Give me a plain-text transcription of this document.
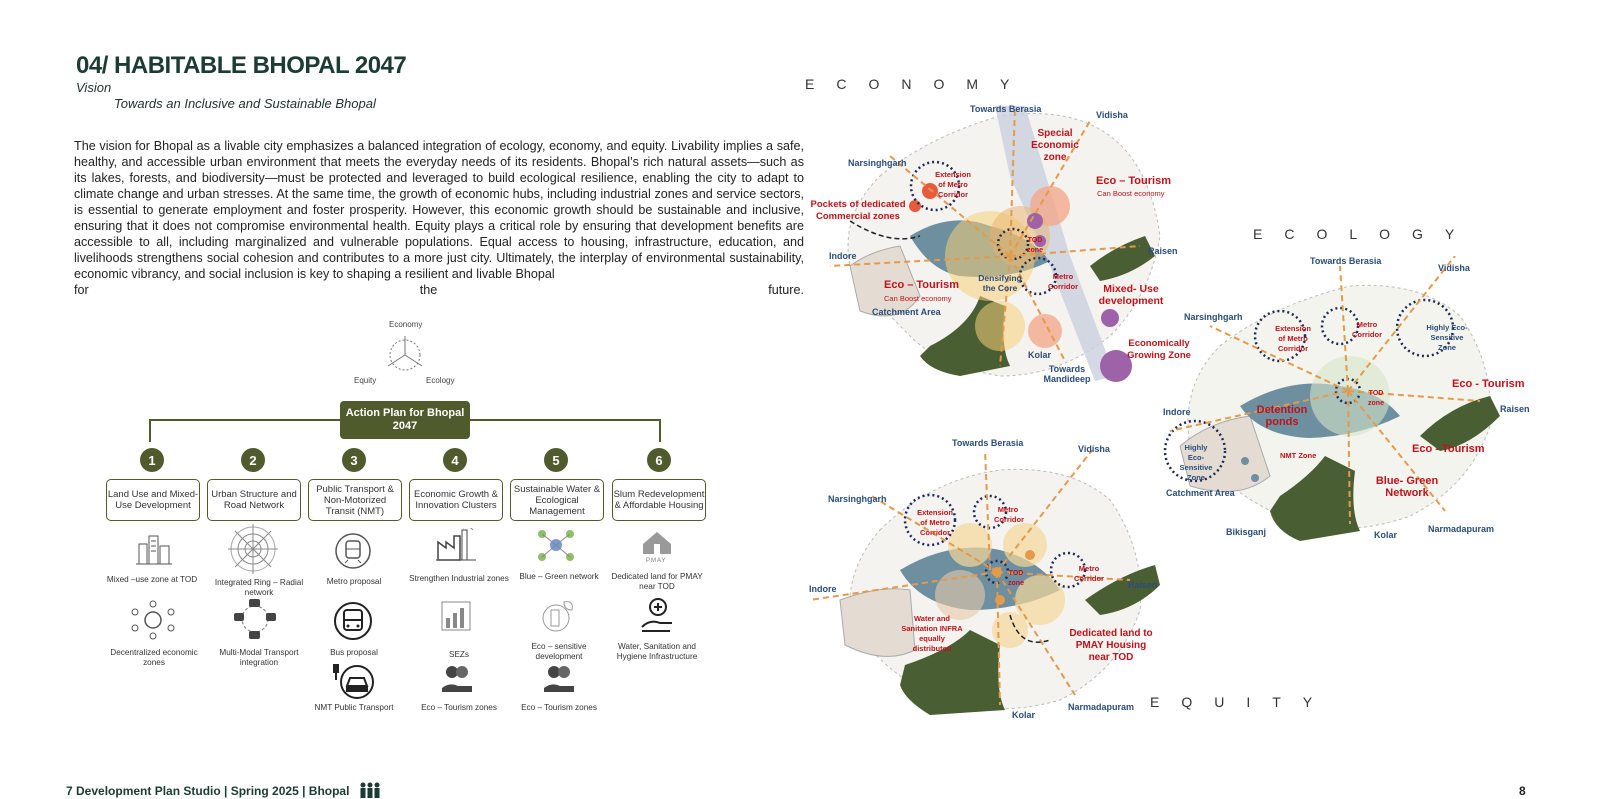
04/ HABITABLE BHOPAL 2047
Vision
Towards an Inclusive and Sustainable Bhopal
The vision for Bhopal as a livable city emphasizes a balanced integration of ecology, economy, and equity. Livability implies a safe, healthy, and accessible urban environment that meets the everyday needs of its residents. Bhopal’s rich natural assets—such as its lakes, forests, and biodiversity—must be protected and leveraged to build ecological resilience, enabling the city to adapt to climate change and urban stresses. At the same time, the growth of economic hubs, including industrial zones and service sectors, is essential to generate employment and foster prosperity. However, this economic growth should be sustainable and inclusive, ensuring that it does not compromise environmental health. Equity plays a critical role by ensuring that development benefits are accessible to all, including marginalized and vulnerable populations. Equal access to housing, infrastructure, education, and livelihoods strengthens social cohesion and contributes to a more just city. Ultimately, the interplay of environmental sustainability, economic vibrancy, and social inclusion is key to shaping a resilient and livable Bhopal
for	the	future.
Economy
Equity	Ecology
Action Plan for Bhopal
2047
1	2	3	4	5	6
Land Use and Mixed-Use Development
Urban Structure and Road Network
Public Transport & Non-Motorized Transit (NMT)
Economic Growth & Innovation Clusters
Sustainable Water & Ecological Management
Slum Redevelopment & Affordable Housing
Mixed –use zone at TOD
Decentralized economic zones
Integrated Ring – Radial network
Multi-Modal Transport integration
Metro proposal
Bus proposal
NMT Public Transport
Strengthen Industrial zones
SEZs
Eco – Tourism zones
Blue – Green network
Eco – sensitive development
Eco – Tourism zones
PMAY
Dedicated land for PMAY near TOD
Water, Sanitation and Hygiene Infrastructure
ECONOMY
Towards Berasia
Vidisha
Narsinghgarh
Special Economic zone
Extension of Metro Corridor
Eco – Tourism
Can Boost economy
Pockets of dedicated Commercial zones
TOD zone
Indore	Raisen
Densifying the Core
Metro Corridor
Eco – Tourism
Can Boost economy
Mixed- Use development
Catchment Area
Economically Growing Zone
Kolar
Towards Mandideep
ECOLOGY
Towards Berasia
Vidisha
Narsinghgarh
Extension of Metro Corridor
Metro Corridor
Highly Eco-Sensitive Zone
Eco - Tourism
Indore	Detention ponds
TOD zone
Raisen
Highly Eco-Sensitive Zone
NMT Zone
Eco - Tourism
Catchment Area
Blue- Green Network
Bikisganj	Kolar
Narmadapuram
EQUITY
Towards Berasia
Vidisha
Narsinghgarh
Extension of Metro Corridor
Metro Corridor
Indore
TOD zone
Metro Corridor
Raisen
Water and Sanitation INFRA equally distributed
Dedicated land to PMAY Housing near TOD
Kolar
Narmadapuram
7 Development Plan Studio | Spring 2025 | Bhopal	8
